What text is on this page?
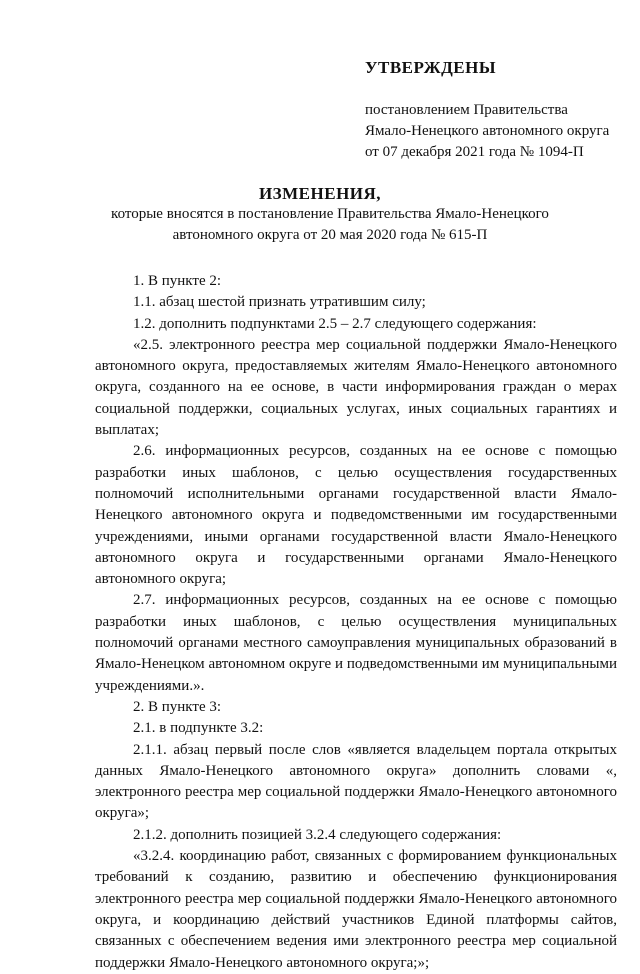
УТВЕРЖДЕНЫ
постановлением Правительства
Ямало-Ненецкого автономного округа
от 07 декабря 2021 года № 1094-П
ИЗМЕНЕНИЯ,
которые вносятся в постановление Правительства Ямало-Ненецкого автономного округа от 20 мая 2020 года № 615-П

1. В пункте 2:

1.1. абзац шестой признать утратившим силу;

1.2. дополнить подпунктами 2.5 – 2.7 следующего содержания:

«2.5. электронного реестра мер социальной поддержки Ямало-Ненецкого автономного округа, предоставляемых жителям Ямало-Ненецкого автономного округа, созданного на ее основе, в части информирования граждан о мерах социальной поддержки, социальных услугах, иных социальных гарантиях и выплатах;

2.6. информационных ресурсов, созданных на ее основе с помощью разработки иных шаблонов, с целью осуществления государственных полномочий исполнительными органами государственной власти Ямало-Ненецкого автономного округа и подведомственными им государственными учреждениями, иными органами государственной власти Ямало-Ненецкого автономного округа и государственными органами Ямало-Ненецкого автономного округа;

2.7. информационных ресурсов, созданных на ее основе с помощью разработки иных шаблонов, с целью осуществления муниципальных полномочий органами местного самоуправления муниципальных образований в Ямало-Ненецком автономном округе и подведомственными им муниципальными учреждениями.».

2. В пункте 3:

2.1. в подпункте 3.2:

2.1.1. абзац первый после слов «является владельцем портала открытых данных Ямало-Ненецкого автономного округа» дополнить словами «, электронного реестра мер социальной поддержки Ямало-Ненецкого автономного округа»;

2.1.2. дополнить позицией 3.2.4 следующего содержания:

«3.2.4. координацию работ, связанных с формированием функциональных требований к созданию, развитию и обеспечению функционирования электронного реестра мер социальной поддержки Ямало-Ненецкого автономного округа, и координацию действий участников Единой платформы сайтов, связанных с обеспечением ведения ими электронного реестра мер социальной поддержки Ямало-Ненецкого автономного округа;»;
